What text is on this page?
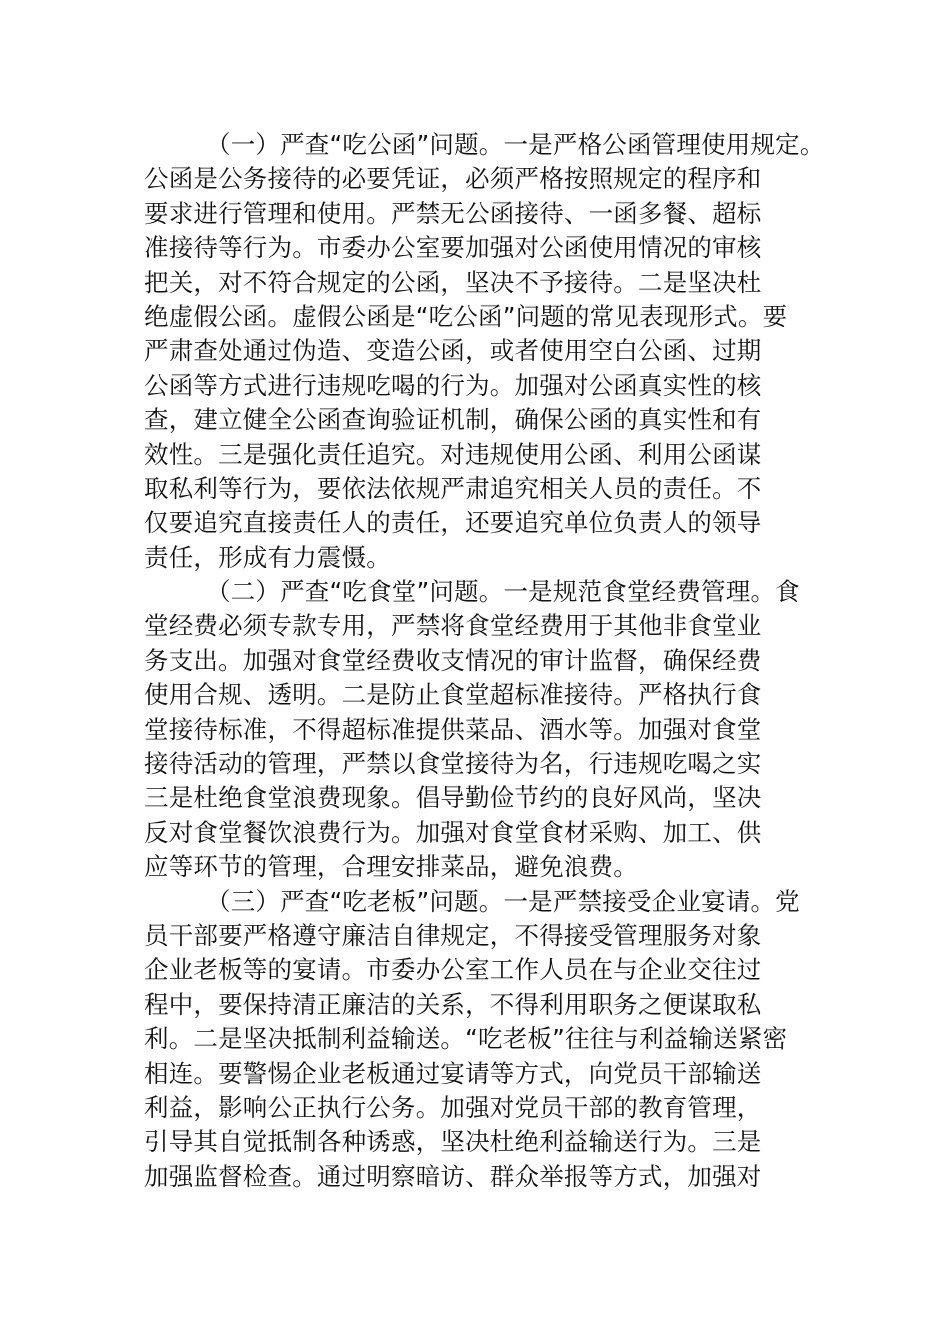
（一）严查“吃公函”问题。一是严格公函管理使用规定。
公函是公务接待的必要凭证，必须严格按照规定的程序和
要求进行管理和使用。严禁无公函接待、一函多餐、超标
准接待等行为。市委办公室要加强对公函使用情况的审核
把关，对不符合规定的公函，坚决不予接待。二是坚决杜
绝虚假公函。虚假公函是“吃公函”问题的常见表现形式。要
严肃查处通过伪造、变造公函，或者使用空白公函、过期
公函等方式进行违规吃喝的行为。加强对公函真实性的核
查，建立健全公函查询验证机制，确保公函的真实性和有
效性。三是强化责任追究。对违规使用公函、利用公函谋
取私利等行为，要依法依规严肃追究相关人员的责任。不
仅要追究直接责任人的责任，还要追究单位负责人的领导
责任，形成有力震慑。
（二）严查“吃食堂”问题。一是规范食堂经费管理。食
堂经费必须专款专用，严禁将食堂经费用于其他非食堂业
务支出。加强对食堂经费收支情况的审计监督，确保经费
使用合规、透明。二是防止食堂超标准接待。严格执行食
堂接待标准，不得超标准提供菜品、酒水等。加强对食堂
接待活动的管理，严禁以食堂接待为名，行违规吃喝之实
三是杜绝食堂浪费现象。倡导勤俭节约的良好风尚，坚决
反对食堂餐饮浪费行为。加强对食堂食材采购、加工、供
应等环节的管理，合理安排菜品，避免浪费。
（三）严查“吃老板”问题。一是严禁接受企业宴请。党
员干部要严格遵守廉洁自律规定，不得接受管理服务对象
企业老板等的宴请。市委办公室工作人员在与企业交往过
程中，要保持清正廉洁的关系，不得利用职务之便谋取私
利。二是坚决抵制利益输送。“吃老板”往往与利益输送紧密
相连。要警惕企业老板通过宴请等方式，向党员干部输送
利益，影响公正执行公务。加强对党员干部的教育管理，
引导其自觉抵制各种诱惑，坚决杜绝利益输送行为。三是
加强监督检查。通过明察暗访、群众举报等方式，加强对
